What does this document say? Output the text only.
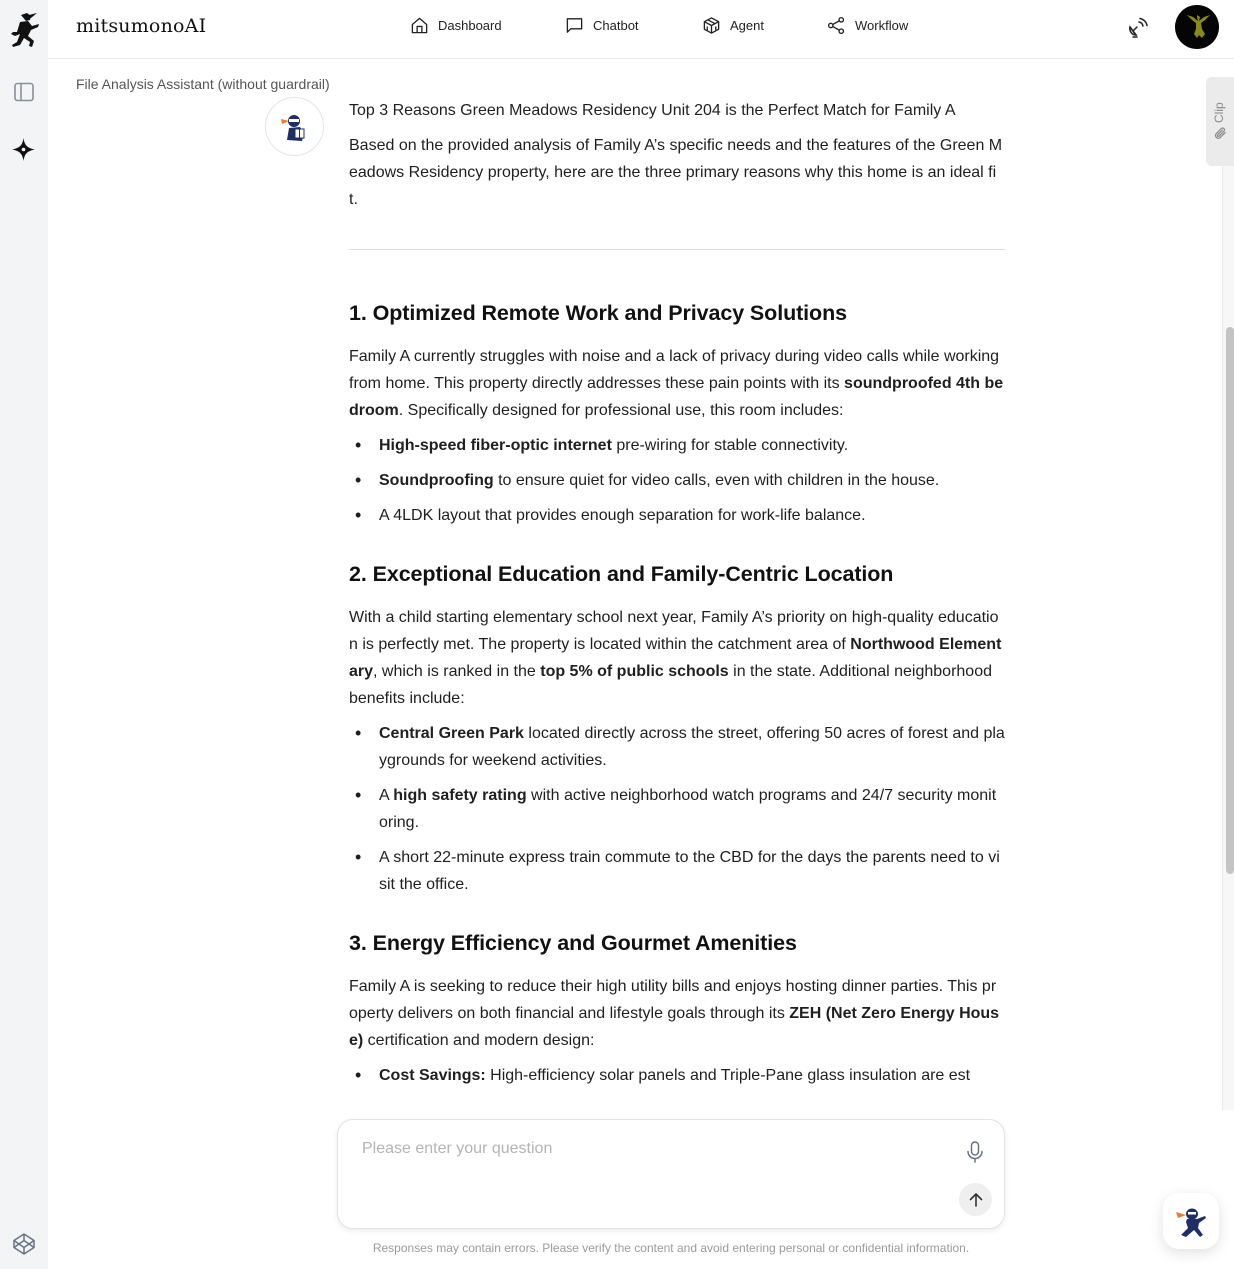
mitsumonoAI	Dashboard	Chatbot	Agent	Workflow
File Analysis Assistant (without guardrail)
Clip

Top 3 Reasons Green Meadows Residency Unit 204 is the Perfect Match for Family A

Based on the provided analysis of Family A’s specific needs and the features of the Green Meadows Residency property, here are the three primary reasons why this home is an ideal fit.

1. Optimized Remote Work and Privacy Solutions

Family A currently struggles with noise and a lack of privacy during video calls while working from home. This property directly addresses these pain points with its soundproofed 4th bedroom. Specifically designed for professional use, this room includes:

• High-speed fiber-optic internet pre-wiring for stable connectivity.
• Soundproofing to ensure quiet for video calls, even with children in the house.
• A 4LDK layout that provides enough separation for work-life balance.
2. Exceptional Education and Family-Centric Location

With a child starting elementary school next year, Family A’s priority on high-quality education is perfectly met. The property is located within the catchment area of Northwood Elementary, which is ranked in the top 5% of public schools in the state. Additional neighborhood benefits include:

• Central Green Park located directly across the street, offering 50 acres of forest and playgrounds for weekend activities.
• A high safety rating with active neighborhood watch programs and 24/7 security monitoring.
• A short 22-minute express train commute to the CBD for the days the parents need to visit the office.
3. Energy Efficiency and Gourmet Amenities

Family A is seeking to reduce their high utility bills and enjoys hosting dinner parties. This property delivers on both financial and lifestyle goals through its ZEH (Net Zero Energy House) certification and modern design:

• Cost Savings: High-efficiency solar panels and Triple-Pane glass insulation are est
Please enter your question
Responses may contain errors. Please verify the content and avoid entering personal or confidential information.
